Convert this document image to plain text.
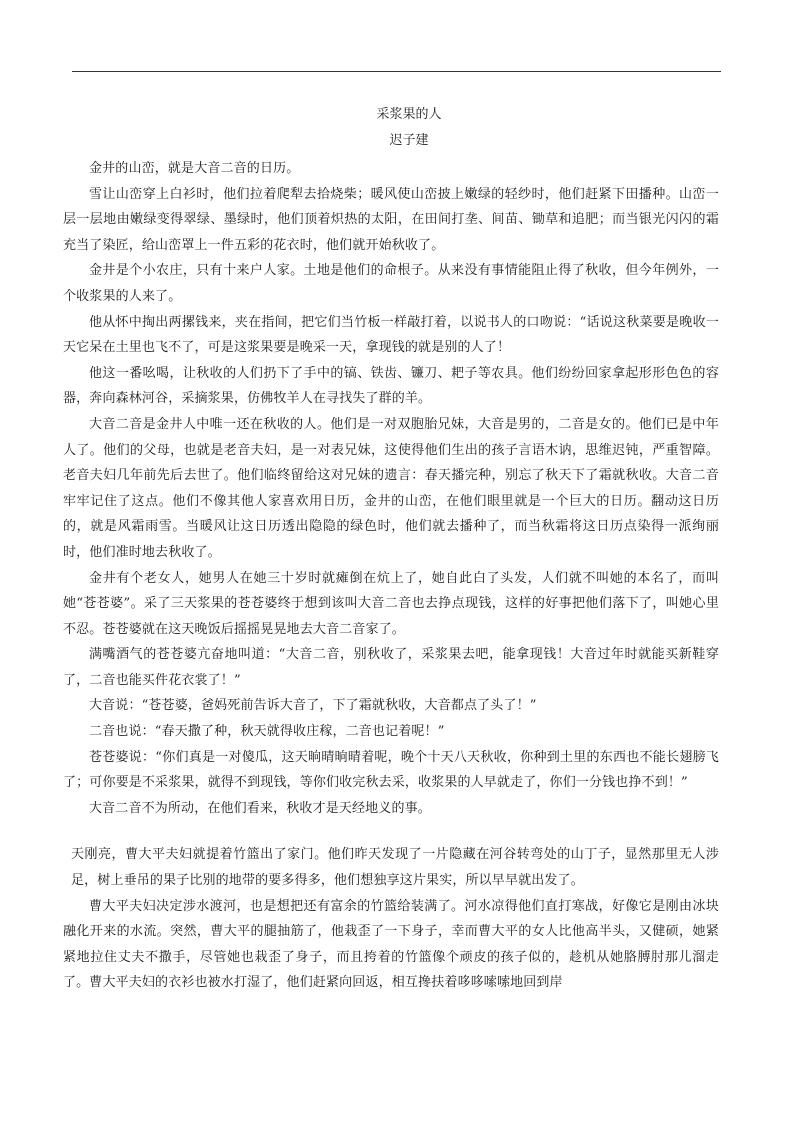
采浆果的人

迟子建

金井的山峦，就是大音二音的日历。

雪让山峦穿上白衫时，他们拉着爬犁去拾烧柴；暖风使山峦披上嫩绿的轻纱时，他们赶紧下田播种。山峦一层一层地由嫩绿变得翠绿、墨绿时，他们顶着炽热的太阳，在田间打垄、间苗、锄草和追肥；而当银光闪闪的霜充当了染匠，给山峦罩上一件五彩的花衣时，他们就开始秋收了。

金井是个小农庄，只有十来户人家。土地是他们的命根子。从来没有事情能阻止得了秋收，但今年例外，一个收浆果的人来了。

他从怀中掏出两摞钱来，夹在指间，把它们当竹板一样敲打着，以说书人的口吻说：“话说这秋菜要是晚收一天它呆在土里也飞不了，可是这浆果要是晚采一天，拿现钱的就是别的人了！

他这一番吆喝，让秋收的人们扔下了手中的镐、铁齿、镰刀、耙子等农具。他们纷纷回家拿起形形色色的容器，奔向森林河谷，采摘浆果，仿佛牧羊人在寻找失了群的羊。

大音二音是金井人中唯一还在秋收的人。他们是一对双胞胎兄妹，大音是男的，二音是女的。他们已是中年人了。他们的父母，也就是老音夫妇，是一对表兄妹，这使得他们生出的孩子言语木讷，思维迟钝，严重智障。老音夫妇几年前先后去世了。他们临终留给这对兄妹的遗言：春天播完种，别忘了秋天下了霜就秋收。大音二音牢牢记住了这点。他们不像其他人家喜欢用日历，金井的山峦，在他们眼里就是一个巨大的日历。翻动这日历的，就是风霜雨雪。当暖风让这日历透出隐隐的绿色时，他们就去播种了，而当秋霜将这日历点染得一派绚丽时，他们准时地去秋收了。

金井有个老女人，她男人在她三十岁时就瘫倒在炕上了，她自此白了头发，人们就不叫她的本名了，而叫她“苍苍婆”。采了三天浆果的苍苍婆终于想到该叫大音二音也去挣点现钱，这样的好事把他们落下了，叫她心里不忍。苍苍婆就在这天晚饭后摇摇晃晃地去大音二音家了。

满嘴酒气的苍苍婆亢奋地叫道：“大音二音，别秋收了，采浆果去吧，能拿现钱！大音过年时就能买新鞋穿了，二音也能买件花衣裳了！”

大音说：“苍苍婆，爸妈死前告诉大音了，下了霜就秋收，大音都点了头了！”

二音也说：“春天撒了种，秋天就得收庄稼，二音也记着呢！”

苍苍婆说：“你们真是一对傻瓜，这天晌晴晌晴着呢，晚个十天八天秋收，你种到土里的东西也不能长翅膀飞了；可你要是不采浆果，就得不到现钱，等你们收完秋去采，收浆果的人早就走了，你们一分钱也挣不到！”

大音二音不为所动，在他们看来，秋收才是天经地义的事。

天刚亮，曹大平夫妇就提着竹篮出了家门。他们昨天发现了一片隐藏在河谷转弯处的山丁子，显然那里无人涉足，树上垂吊的果子比别的地带的要多得多，他们想独享这片果实，所以早早就出发了。

曹大平夫妇决定涉水渡河，也是想把还有富余的竹篮给装满了。河水凉得他们直打寒战，好像它是刚由冰块融化开来的水流。突然，曹大平的腿抽筋了，他栽歪了一下身子，幸而曹大平的女人比他高半头，又健硕，她紧紧地拉住丈夫不撒手，尽管她也栽歪了身子，而且挎着的竹篮像个顽皮的孩子似的，趁机从她胳膊肘那儿溜走了。曹大平夫妇的衣衫也被水打湿了，他们赶紧向回返，相互搀扶着哆哆嗦嗦地回到岸
